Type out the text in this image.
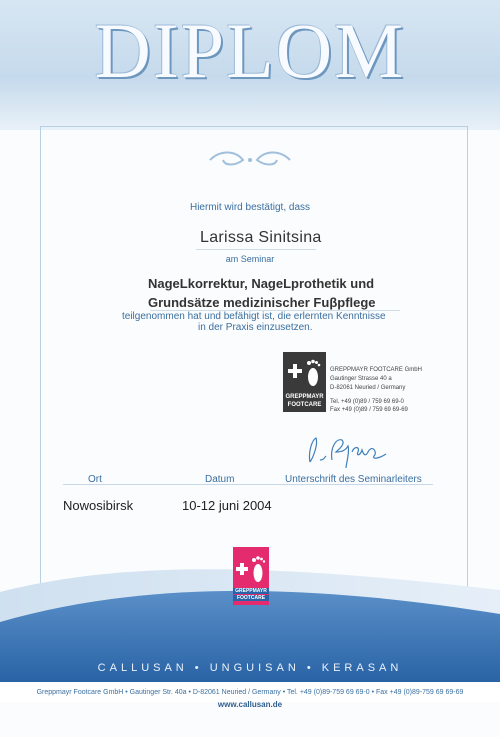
DIPLOM
Hiermit wird bestätigt, dass
Larissa Sinitsina
am Seminar
NageLkorrektur, NageLprothetik und
Grundsätze medizinischer Fuβpflege
teilgenommen hat und befähigt ist, die erlernten Kenntnisse
in der Praxis einzusetzen.
GREPPMAYR
FOOTCARE
GREPPMAYR FOOTCARE GmbH
Gautinger Strasse 40 a
D-82061 Neuried / Germany
Tel. +49 (0)89 / 759 69 69-0
Fax +49 (0)89 / 759 69 69-69
Ort	Datum	Unterschrift des Seminarleiters
Nowosibirsk	10-12 juni 2004
GREPPMAYR
FOOTCARE
CALLUSAN • UNGUISAN • KERASAN
Greppmayr Footcare GmbH • Gautinger Str. 40a • D-82061 Neuried / Germany • Tel. +49 (0)89-759 69 69-0 • Fax +49 (0)89-759 69 69-69
www.callusan.de
